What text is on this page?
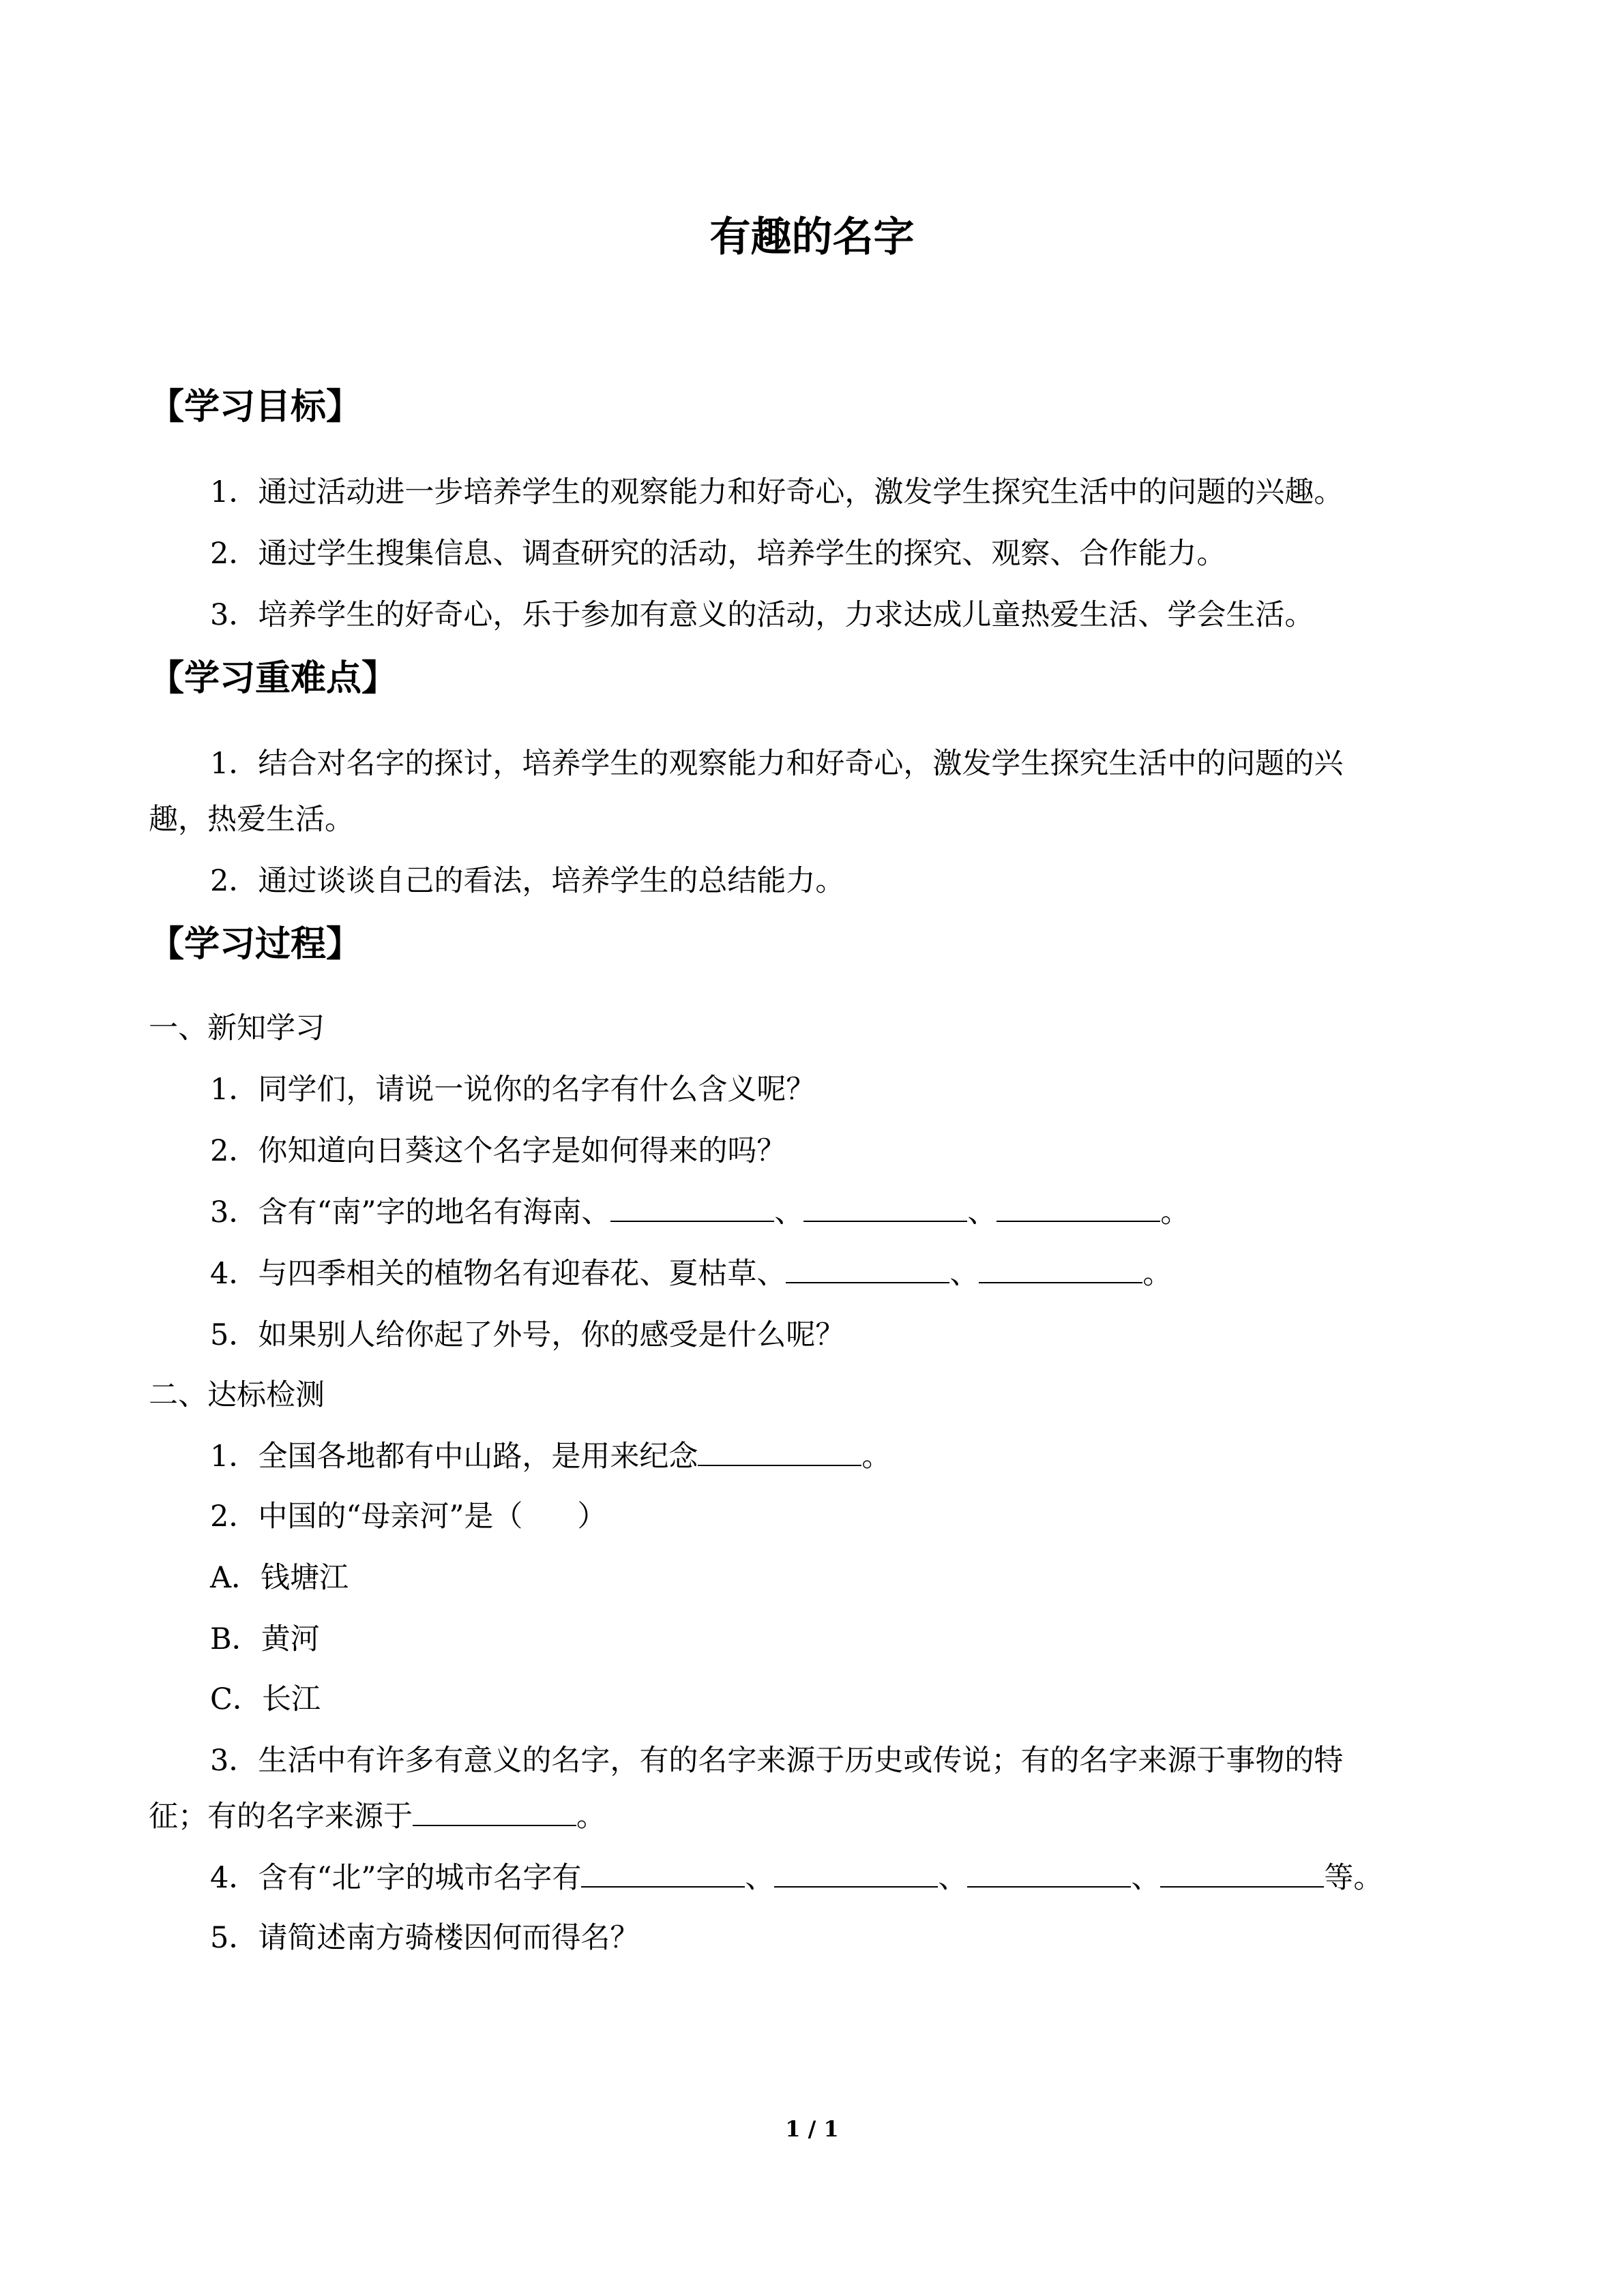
有趣的名字
【学习目标】
1．通过活动进一步培养学生的观察能力和好奇心，激发学生探究生活中的问题的兴趣。
2．通过学生搜集信息、调查研究的活动，培养学生的探究、观察、合作能力。
3．培养学生的好奇心，乐于参加有意义的活动，力求达成儿童热爱生活、学会生活。
【学习重难点】
1．结合对名字的探讨，培养学生的观察能力和好奇心，激发学生探究生活中的问题的兴
趣，热爱生活。
2．通过谈谈自己的看法，培养学生的总结能力。
【学习过程】
一、新知学习
1．同学们，请说一说你的名字有什么含义呢？
2．你知道向日葵这个名字是如何得来的吗？
3．含有“南”字的地名有海南、	、	、	。
4．与四季相关的植物名有迎春花、夏枯草、	、	。
5．如果别人给你起了外号，你的感受是什么呢？
二、达标检测
1．全国各地都有中山路，是用来纪念	。
2．中国的“母亲河”是（ ）
A．钱塘江
B．黄河
C．长江
3．生活中有许多有意义的名字，有的名字来源于历史或传说；有的名字来源于事物的特
征；有的名字来源于	。
4．含有“北”字的城市名字有	、	、	、	等。
5．请简述南方骑楼因何而得名？
1 / 1
